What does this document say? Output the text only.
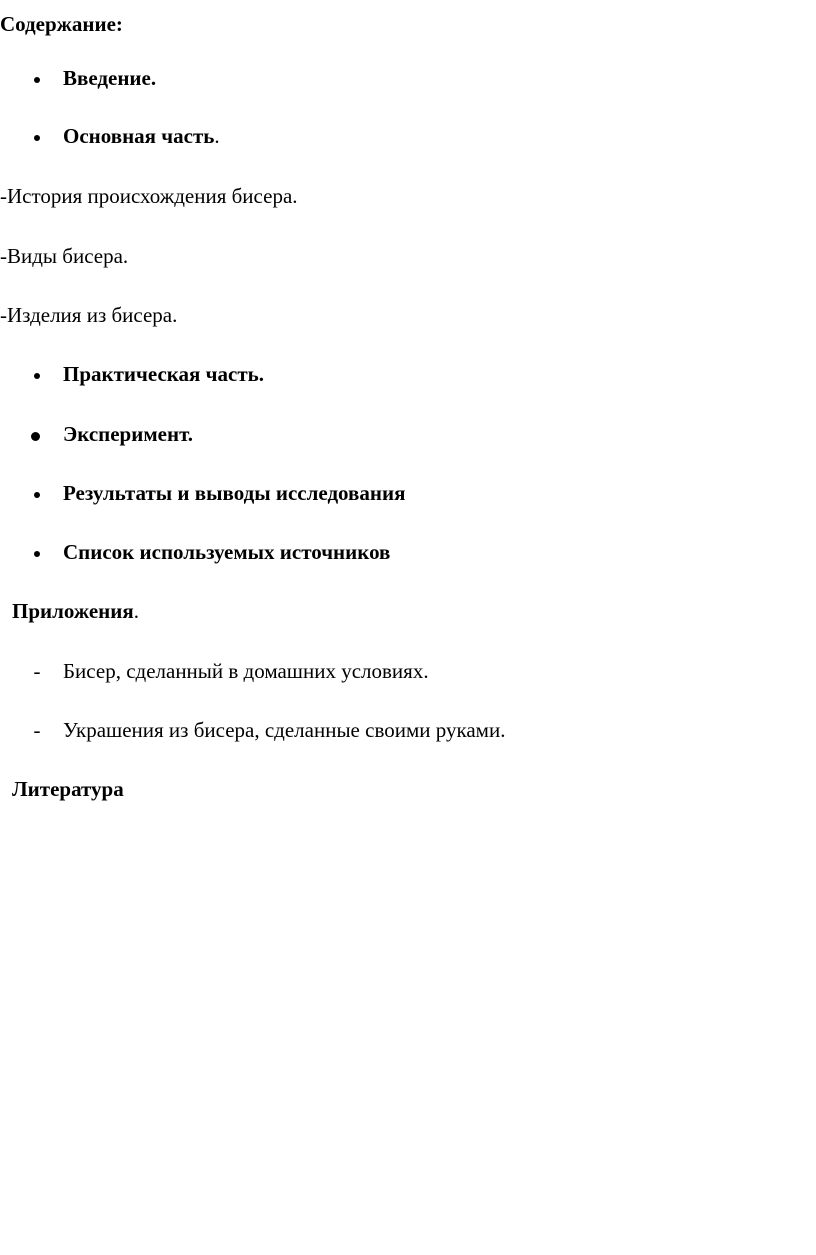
Содержание:
Введение.
Основная часть.
-История происхождения бисера.
-Виды бисера.
-Изделия из бисера.
Практическая часть.
Эксперимент.
Результаты и выводы исследования
Список используемых источников
Приложения.
-	Бисер, сделанный в домашних условиях.
-	Украшения из бисера, сделанные своими руками.
Литература
